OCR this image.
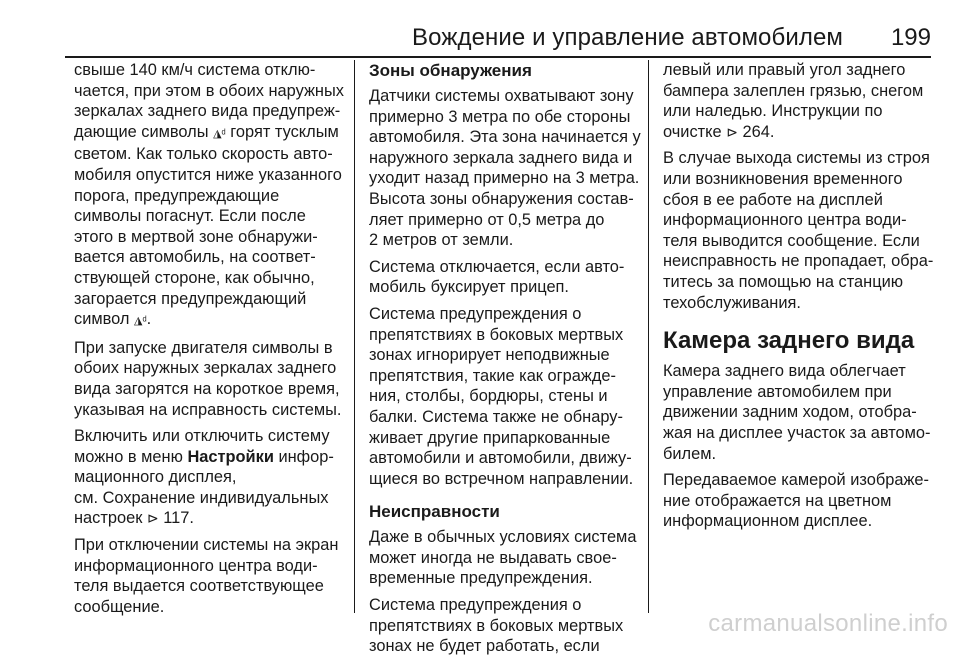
Вождение и управление автомобилем 199

свыше 140 км/ч система отклю-
чается, при этом в обоих наружных
зеркалах заднего вида предупреж-
дающие символы ◮ᵈ горят тусклым
светом. Как только скорость авто-
мобиля опустится ниже указанного
порога, предупреждающие
символы погаснут. Если после
этого в мертвой зоне обнаружи-
вается автомобиль, на соответ-
ствующей стороне, как обычно,
загорается предупреждающий
символ ◮ᵈ.

При запуске двигателя символы в
обоих наружных зеркалах заднего
вида загорятся на короткое время,
указывая на исправность системы.

Включить или отключить систему
можно в меню Настройки инфор-
мационного дисплея,
см. Сохранение индивидуальных
настроек ⊳ 117.

При отключении системы на экран
информационного центра води-
теля выдается соответствующее
сообщение.

Зоны обнаружения

Датчики системы охватывают зону
примерно 3 метра по обе стороны
автомобиля. Эта зона начинается у
наружного зеркала заднего вида и
уходит назад примерно на 3 метра.
Высота зоны обнаружения состав-
ляет примерно от 0,5 метра до
2 метров от земли.

Система отключается, если авто-
мобиль буксирует прицеп.

Система предупреждения о
препятствиях в боковых мертвых
зонах игнорирует неподвижные
препятствия, такие как огражде-
ния, столбы, бордюры, стены и
балки. Система также не обнару-
живает другие припаркованные
автомобили и автомобили, движу-
щиеся во встречном направлении.

Неисправности

Даже в обычных условиях система
может иногда не выдавать свое-
временные предупреждения.

Система предупреждения о
препятствиях в боковых мертвых
зонах не будет работать, если

левый или правый угол заднего
бампера залеплен грязью, снегом
или наледью. Инструкции по
очистке ⊳ 264.

В случае выхода системы из строя
или возникновения временного
сбоя в ее работе на дисплей
информационного центра води-
теля выводится сообщение. Если
неисправность не пропадает, обра-
титесь за помощью на станцию
техобслуживания.

Камера заднего вида

Камера заднего вида облегчает
управление автомобилем при
движении задним ходом, отобра-
жая на дисплее участок за автомо-
билем.

Передаваемое камерой изображе-
ние отображается на цветном
информационном дисплее.

carmanualsonline.info
